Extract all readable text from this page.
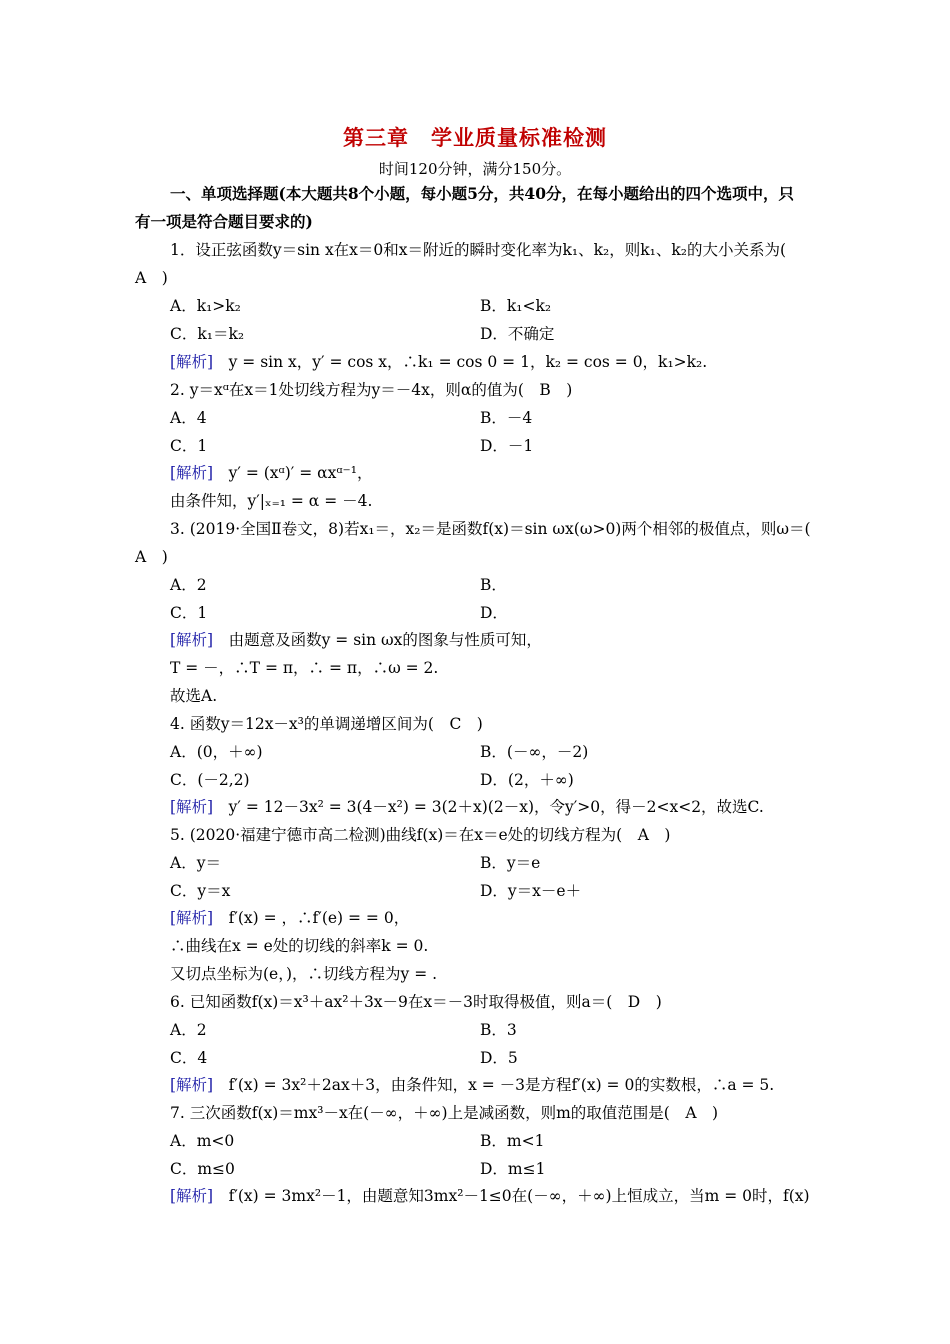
第三章　学业质量标准检测
时间120分钟，满分150分。
一、单项选择题(本大题共8个小题，每小题5分，共40分，在每小题给出的四个选项中，只
有一项是符合题目要求的)
1．设正弦函数y＝sin x在x＝0和x＝附近的瞬时变化率为k₁、k₂，则k₁、k₂的大小关系为(
A　)
A．k₁>k₂	B．k₁<k₂
C．k₁＝k₂	D．不确定
[解析]　 y = sin x，y′ = cos x，∴k₁ = cos 0 = 1，k₂ = cos = 0，k₁>k₂.
2. y＝xᵅ在x＝1处切线方程为y＝－4x，则α的值为(　B　)
A．4	B．－4
C．1	D．－1
[解析]　 y′ = (xᵅ)′ = αxᵅ⁻¹，
由条件知，y′|ₓ₌₁ = α = －4.
3. (2019·全国Ⅱ卷文，8)若x₁＝，x₂＝是函数f(x)＝sin ωx(ω>0)两个相邻的极值点，则ω＝(
A　)
A．2	B．
C．1	D．
[解析]　 由题意及函数y = sin ωx的图象与性质可知，
T = －，∴T = π，∴ = π，∴ω = 2.
故选A.
4. 函数y＝12x－x³的单调递增区间为(　C　)
A．(0，＋∞)	B．(－∞，－2)
C．(－2,2)	D．(2，＋∞)
[解析]　 y′ = 12－3x² = 3(4－x²) = 3(2＋x)(2－x)，令y′>0，得－2<x<2，故选C.
5. (2020·福建宁德市高二检测)曲线f(x)＝在x＝e处的切线方程为(　A　)
A．y＝	B．y＝e
C．y＝x	D．y＝x－e＋
[解析]　 f′(x) = ，∴f′(e) = = 0，
∴曲线在x = e处的切线的斜率k = 0.
又切点坐标为(e，)，∴切线方程为y = .
6. 已知函数f(x)＝x³＋ax²＋3x－9在x＝－3时取得极值，则a＝(　D　)
A．2	B．3
C．4	D．5
[解析]　 f′(x) = 3x²＋2ax＋3，由条件知，x = －3是方程f′(x) = 0的实数根，∴a = 5.
7. 三次函数f(x)＝mx³－x在(－∞，＋∞)上是减函数，则m的取值范围是(　A　)
A．m<0	B．m<1
C．m≤0	D．m≤1
[解析]　 f′(x) = 3mx²－1，由题意知3mx²－1≤0在(－∞，＋∞)上恒成立，当m = 0时，f(x)
